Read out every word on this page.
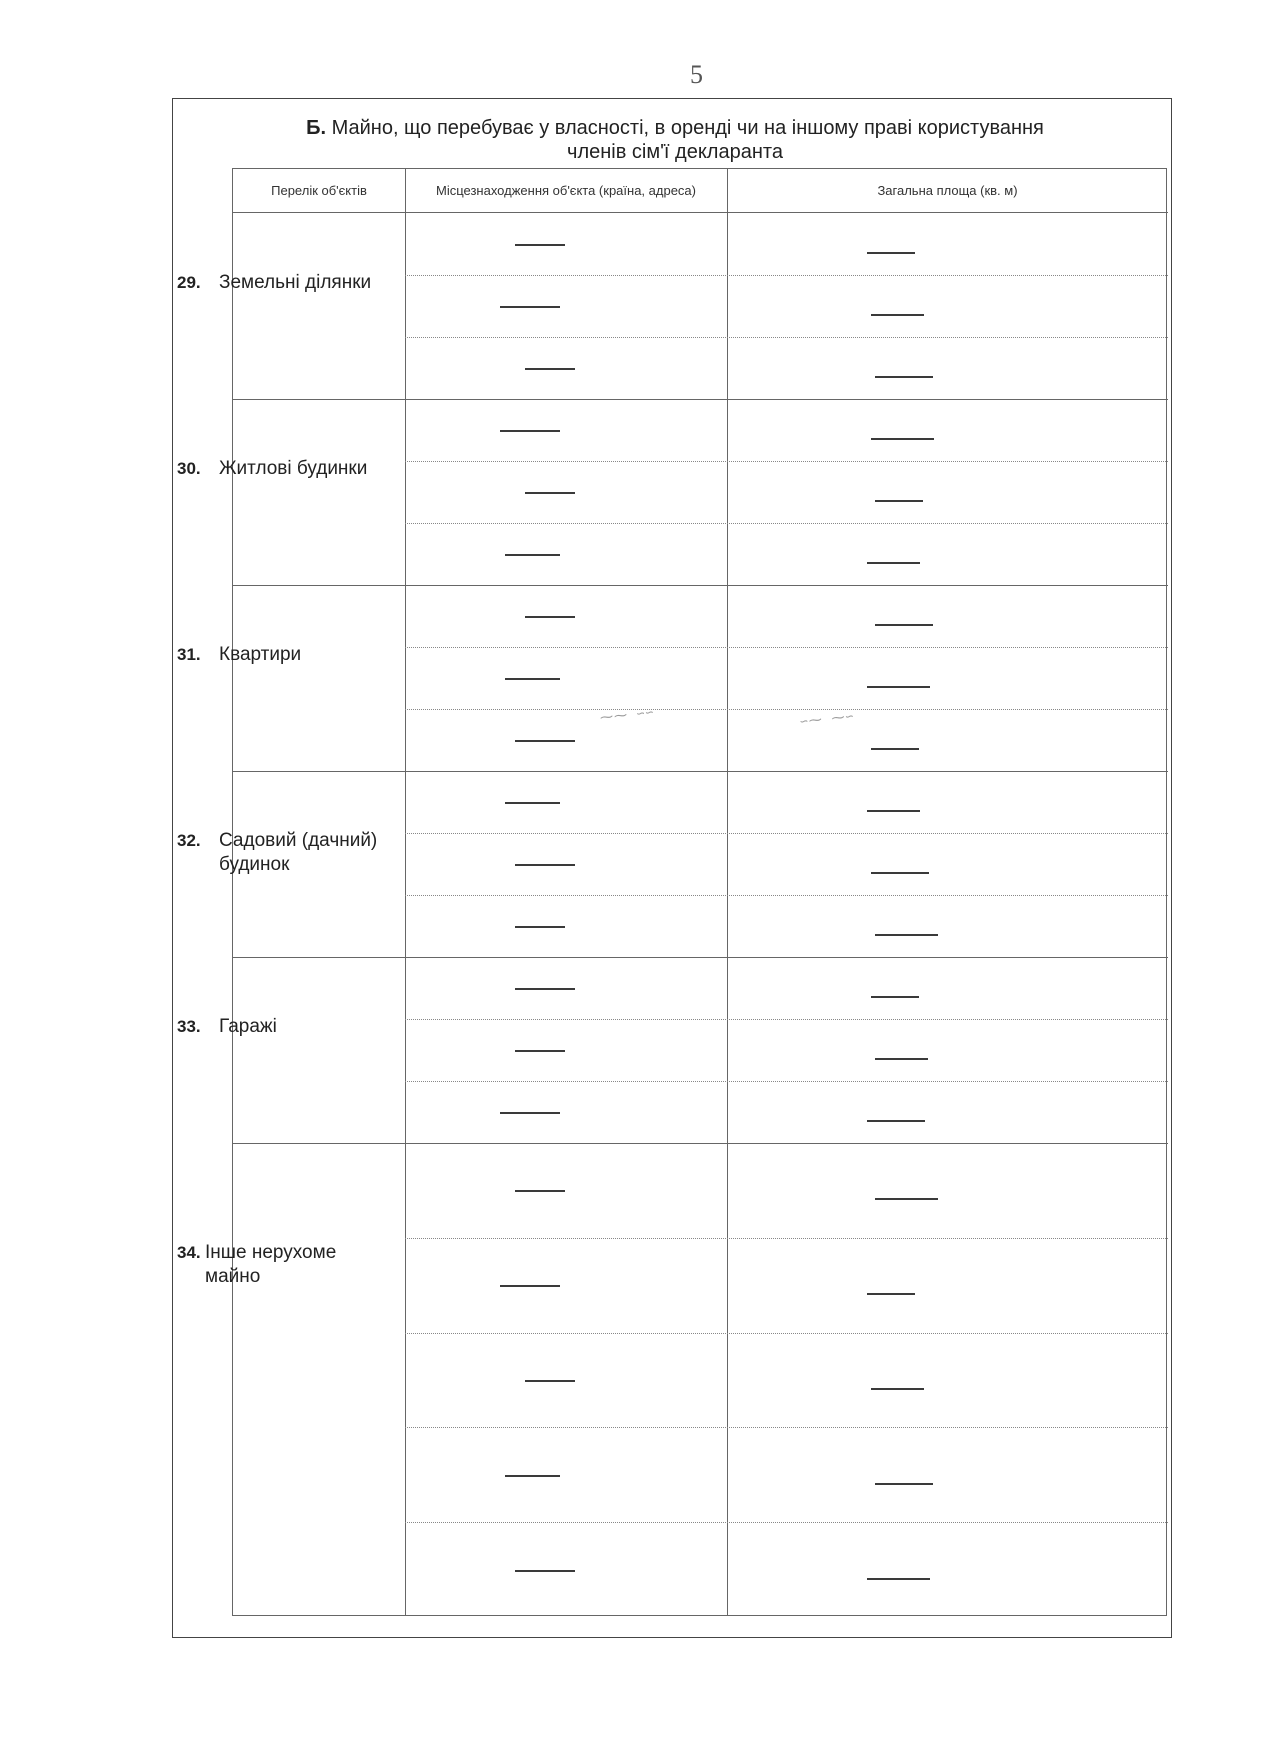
5
Б. Майно, що перебуває у власності, в оренді чи на іншому праві користування
членів сім'ї декларанта
Перелік об'єктів	Місцезнаходження об'єкта (країна, адреса)	Загальна площа (кв. м)
29. Земельні ділянки
30. Житлові будинки
31. Квартири
32. Садовий (дачний) будинок
33. Гаражі
34. Інше нерухоме майно
⁓⁓ ∽∽	∽⁓ ⁓∽
